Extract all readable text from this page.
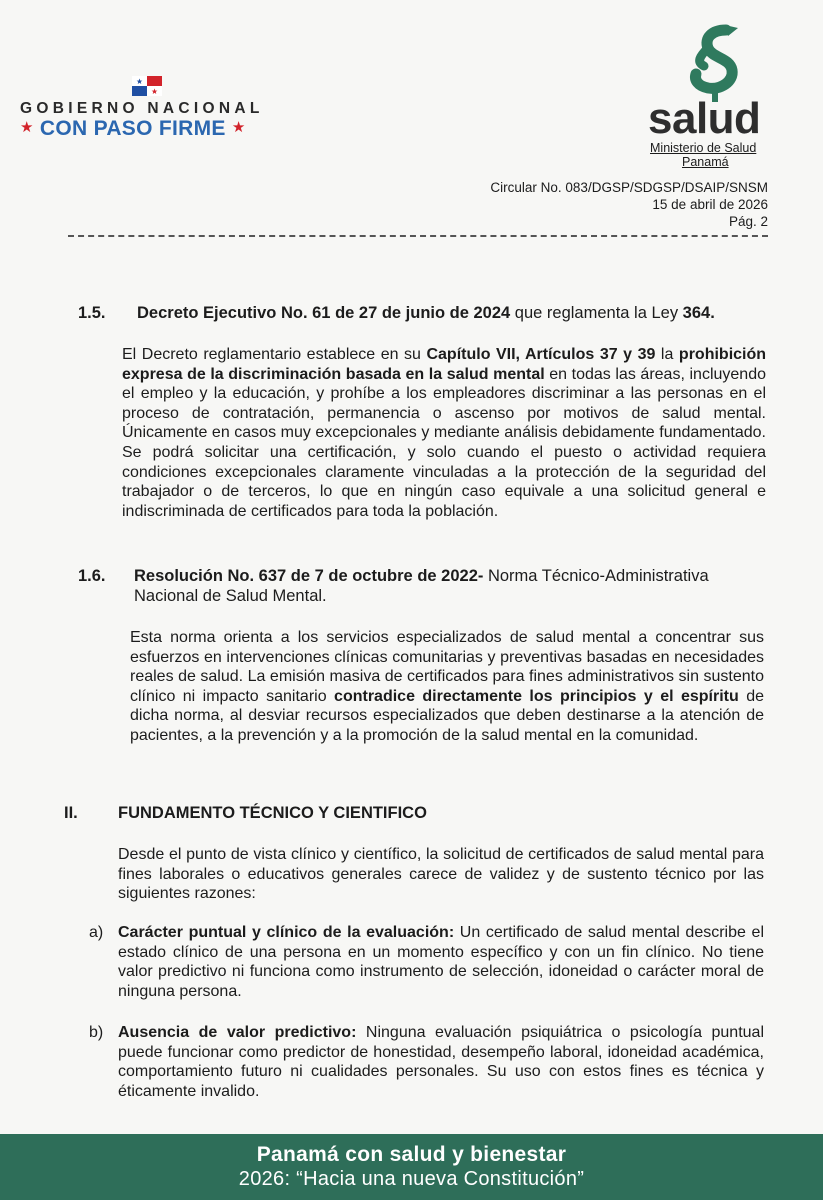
GOBIERNO NACIONAL
★ CON PASO FIRME ★	salud
Ministerio de Salud
Panamá
Circular No. 083/DGSP/SDGSP/DSAIP/SNSM
15 de abril de 2026
Pág. 2
1.5. Decreto Ejecutivo No. 61 de 27 de junio de 2024 que reglamenta la Ley 364.
El Decreto reglamentario establece en su Capítulo VII, Artículos 37 y 39 la prohibición expresa de la discriminación basada en la salud mental en todas las áreas, incluyendo el empleo y la educación, y prohíbe a los empleadores discriminar a las personas en el proceso de contratación, permanencia o ascenso por motivos de salud mental. Únicamente en casos muy excepcionales y mediante análisis debidamente fundamentado. Se podrá solicitar una certificación, y solo cuando el puesto o actividad requiera condiciones excepcionales claramente vinculadas a la protección de la seguridad del trabajador o de terceros, lo que en ningún caso equivale a una solicitud general e indiscriminada de certificados para toda la población.
1.6. Resolución No. 637 de 7 de octubre de 2022- Norma Técnico-Administrativa Nacional de Salud Mental.
Esta norma orienta a los servicios especializados de salud mental a concentrar sus esfuerzos en intervenciones clínicas comunitarias y preventivas basadas en necesidades reales de salud. La emisión masiva de certificados para fines administrativos sin sustento clínico ni impacto sanitario contradice directamente los principios y el espíritu de dicha norma, al desviar recursos especializados que deben destinarse a la atención de pacientes, a la prevención y a la promoción de la salud mental en la comunidad.
II. FUNDAMENTO TÉCNICO Y CIENTIFICO
Desde el punto de vista clínico y científico, la solicitud de certificados de salud mental para fines laborales o educativos generales carece de validez y de sustento técnico por las siguientes razones:
a) Carácter puntual y clínico de la evaluación: Un certificado de salud mental describe el estado clínico de una persona en un momento específico y con un fin clínico. No tiene valor predictivo ni funciona como instrumento de selección, idoneidad o carácter moral de ninguna persona.
b) Ausencia de valor predictivo: Ninguna evaluación psiquiátrica o psicología puntual puede funcionar como predictor de honestidad, desempeño laboral, idoneidad académica, comportamiento futuro ni cualidades personales. Su uso con estos fines es técnica y éticamente invalido.
Panamá con salud y bienestar
2026: “Hacia una nueva Constitución”
